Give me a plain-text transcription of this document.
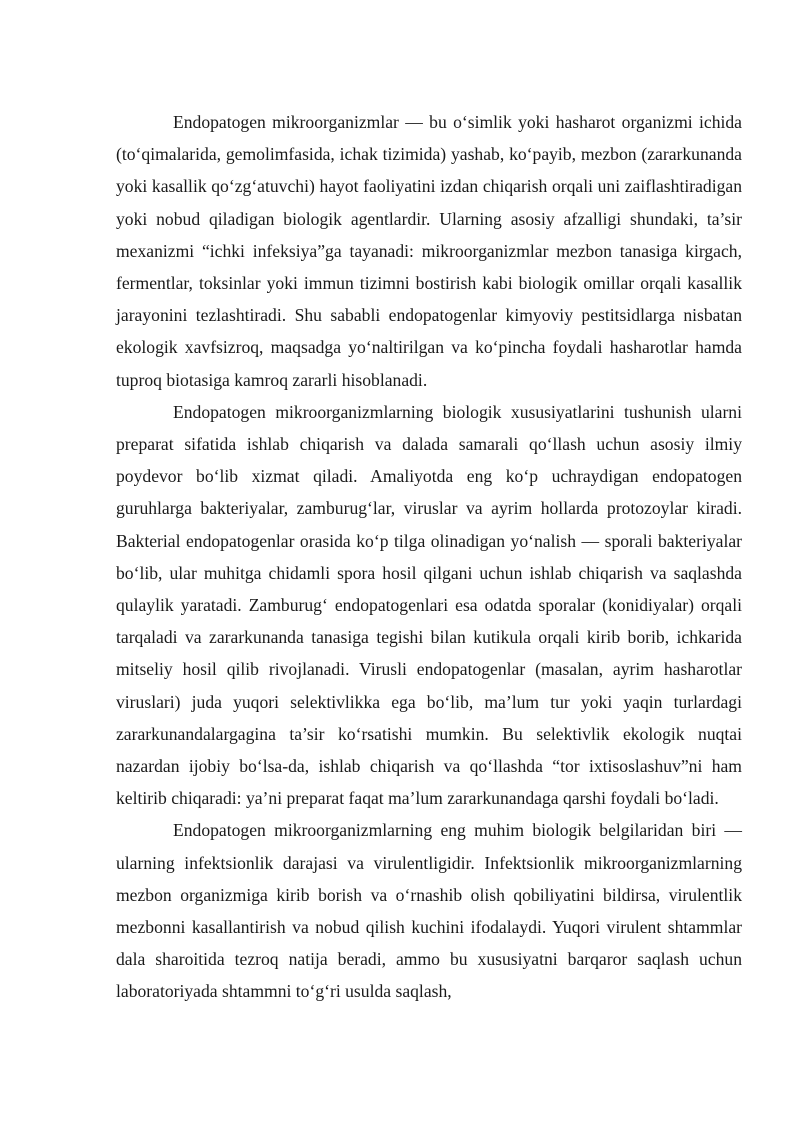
Endopatogen mikroorganizmlar — bu o‘simlik yoki hasharot organizmi ichida (to‘qimalarida, gemolimfasida, ichak tizimida) yashab, ko‘payib, mezbon (zararkunanda yoki kasallik qo‘zg‘atuvchi) hayot faoliyatini izdan chiqarish orqali uni zaiflashtiradigan yoki nobud qiladigan biologik agentlardir. Ularning asosiy afzalligi shundaki, ta’sir mexanizmi “ichki infeksiya”ga tayanadi: mikroorganizmlar mezbon tanasiga kirgach, fermentlar, toksinlar yoki immun tizimni bostirish kabi biologik omillar orqali kasallik jarayonini tezlashtiradi. Shu sababli endopatogenlar kimyoviy pestitsidlarga nisbatan ekologik xavfsizroq, maqsadga yo‘naltirilgan va ko‘pincha foydali hasharotlar hamda tuproq biotasiga kamroq zararli hisoblanadi.

Endopatogen mikroorganizmlarning biologik xususiyatlarini tushunish ularni preparat sifatida ishlab chiqarish va dalada samarali qo‘llash uchun asosiy ilmiy poydevor bo‘lib xizmat qiladi. Amaliyotda eng ko‘p uchraydigan endopatogen guruhlarga bakteriyalar, zamburug‘lar, viruslar va ayrim hollarda protozoylar kiradi. Bakterial endopatogenlar orasida ko‘p tilga olinadigan yo‘nalish — sporali bakteriyalar bo‘lib, ular muhitga chidamli spora hosil qilgani uchun ishlab chiqarish va saqlashda qulaylik yaratadi. Zamburug‘ endopatogenlari esa odatda sporalar (konidiyalar) orqali tarqaladi va zararkunanda tanasiga tegishi bilan kutikula orqali kirib borib, ichkarida mitseliy hosil qilib rivojlanadi. Virusli endopatogenlar (masalan, ayrim hasharotlar viruslari) juda yuqori selektivlikka ega bo‘lib, ma’lum tur yoki yaqin turlardagi zararkunandalargagina ta’sir ko‘rsatishi mumkin. Bu selektivlik ekologik nuqtai nazardan ijobiy bo‘lsa-da, ishlab chiqarish va qo‘llashda “tor ixtisoslashuv”ni ham keltirib chiqaradi: ya’ni preparat faqat ma’lum zararkunandaga qarshi foydali bo‘ladi.

Endopatogen mikroorganizmlarning eng muhim biologik belgilaridan biri — ularning infektsionlik darajasi va virulentligidir. Infektsionlik mikroorganizmlarning mezbon organizmiga kirib borish va o‘rnashib olish qobiliyatini bildirsa, virulentlik mezbonni kasallantirish va nobud qilish kuchini ifodalaydi. Yuqori virulent shtammlar dala sharoitida tezroq natija beradi, ammo bu xususiyatni barqaror saqlash uchun laboratoriyada shtammni to‘g‘ri usulda saqlash,
